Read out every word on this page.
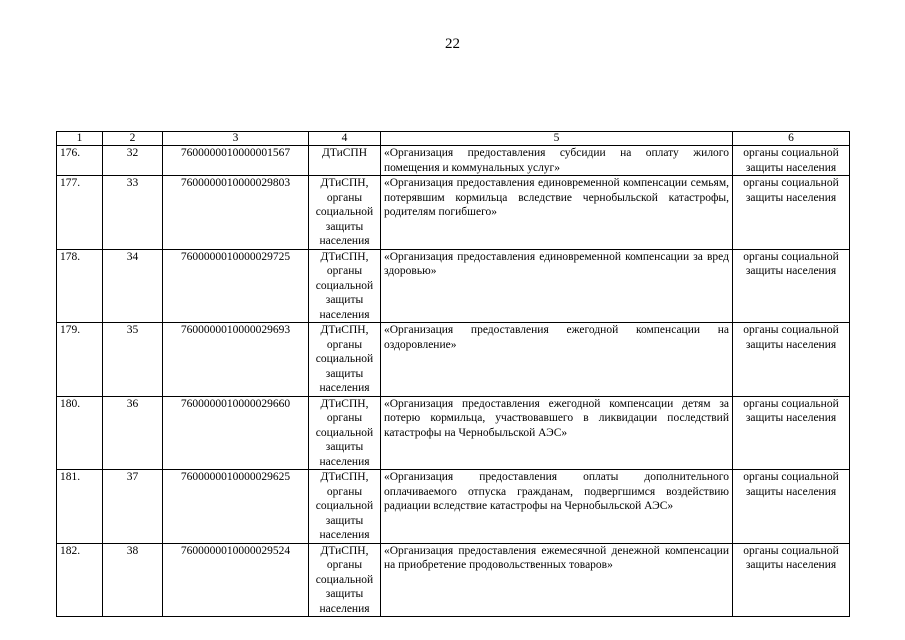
22
1	2	3	4	5	6
176.	32	7600000010000001567	ДТиСПН	«Организация предоставления субсидии на оплату жилого помещения и коммунальных услуг»	органы социальной защиты населения
177.	33	7600000010000029803	ДТиСПН, органы социальной защиты населения	«Организация предоставления единовременной компенсации семьям, потерявшим кормильца вследствие чернобыльской катастрофы, родителям погибшего»	органы социальной защиты населения
178.	34	7600000010000029725	ДТиСПН, органы социальной защиты населения	«Организация предоставления единовременной компенсации за вред здоровью»	органы социальной защиты населения
179.	35	7600000010000029693	ДТиСПН, органы социальной защиты населения	«Организация предоставления ежегодной компенсации на оздоровление»	органы социальной защиты населения
180.	36	7600000010000029660	ДТиСПН, органы социальной защиты населения	«Организация предоставления ежегодной компенсации детям за потерю кормильца, участвовавшего в ликвидации последствий катастрофы на Чернобыльской АЭС»	органы социальной защиты населения
181.	37	7600000010000029625	ДТиСПН, органы социальной защиты населения	«Организация предоставления оплаты дополнительного оплачиваемого отпуска гражданам, подвергшимся воздействию радиации вследствие катастрофы на Чернобыльской АЭС»	органы социальной защиты населения
182.	38	7600000010000029524	ДТиСПН, органы социальной защиты населения	«Организация предоставления ежемесячной денежной компенсации на приобретение продовольственных товаров»	органы социальной защиты населения
